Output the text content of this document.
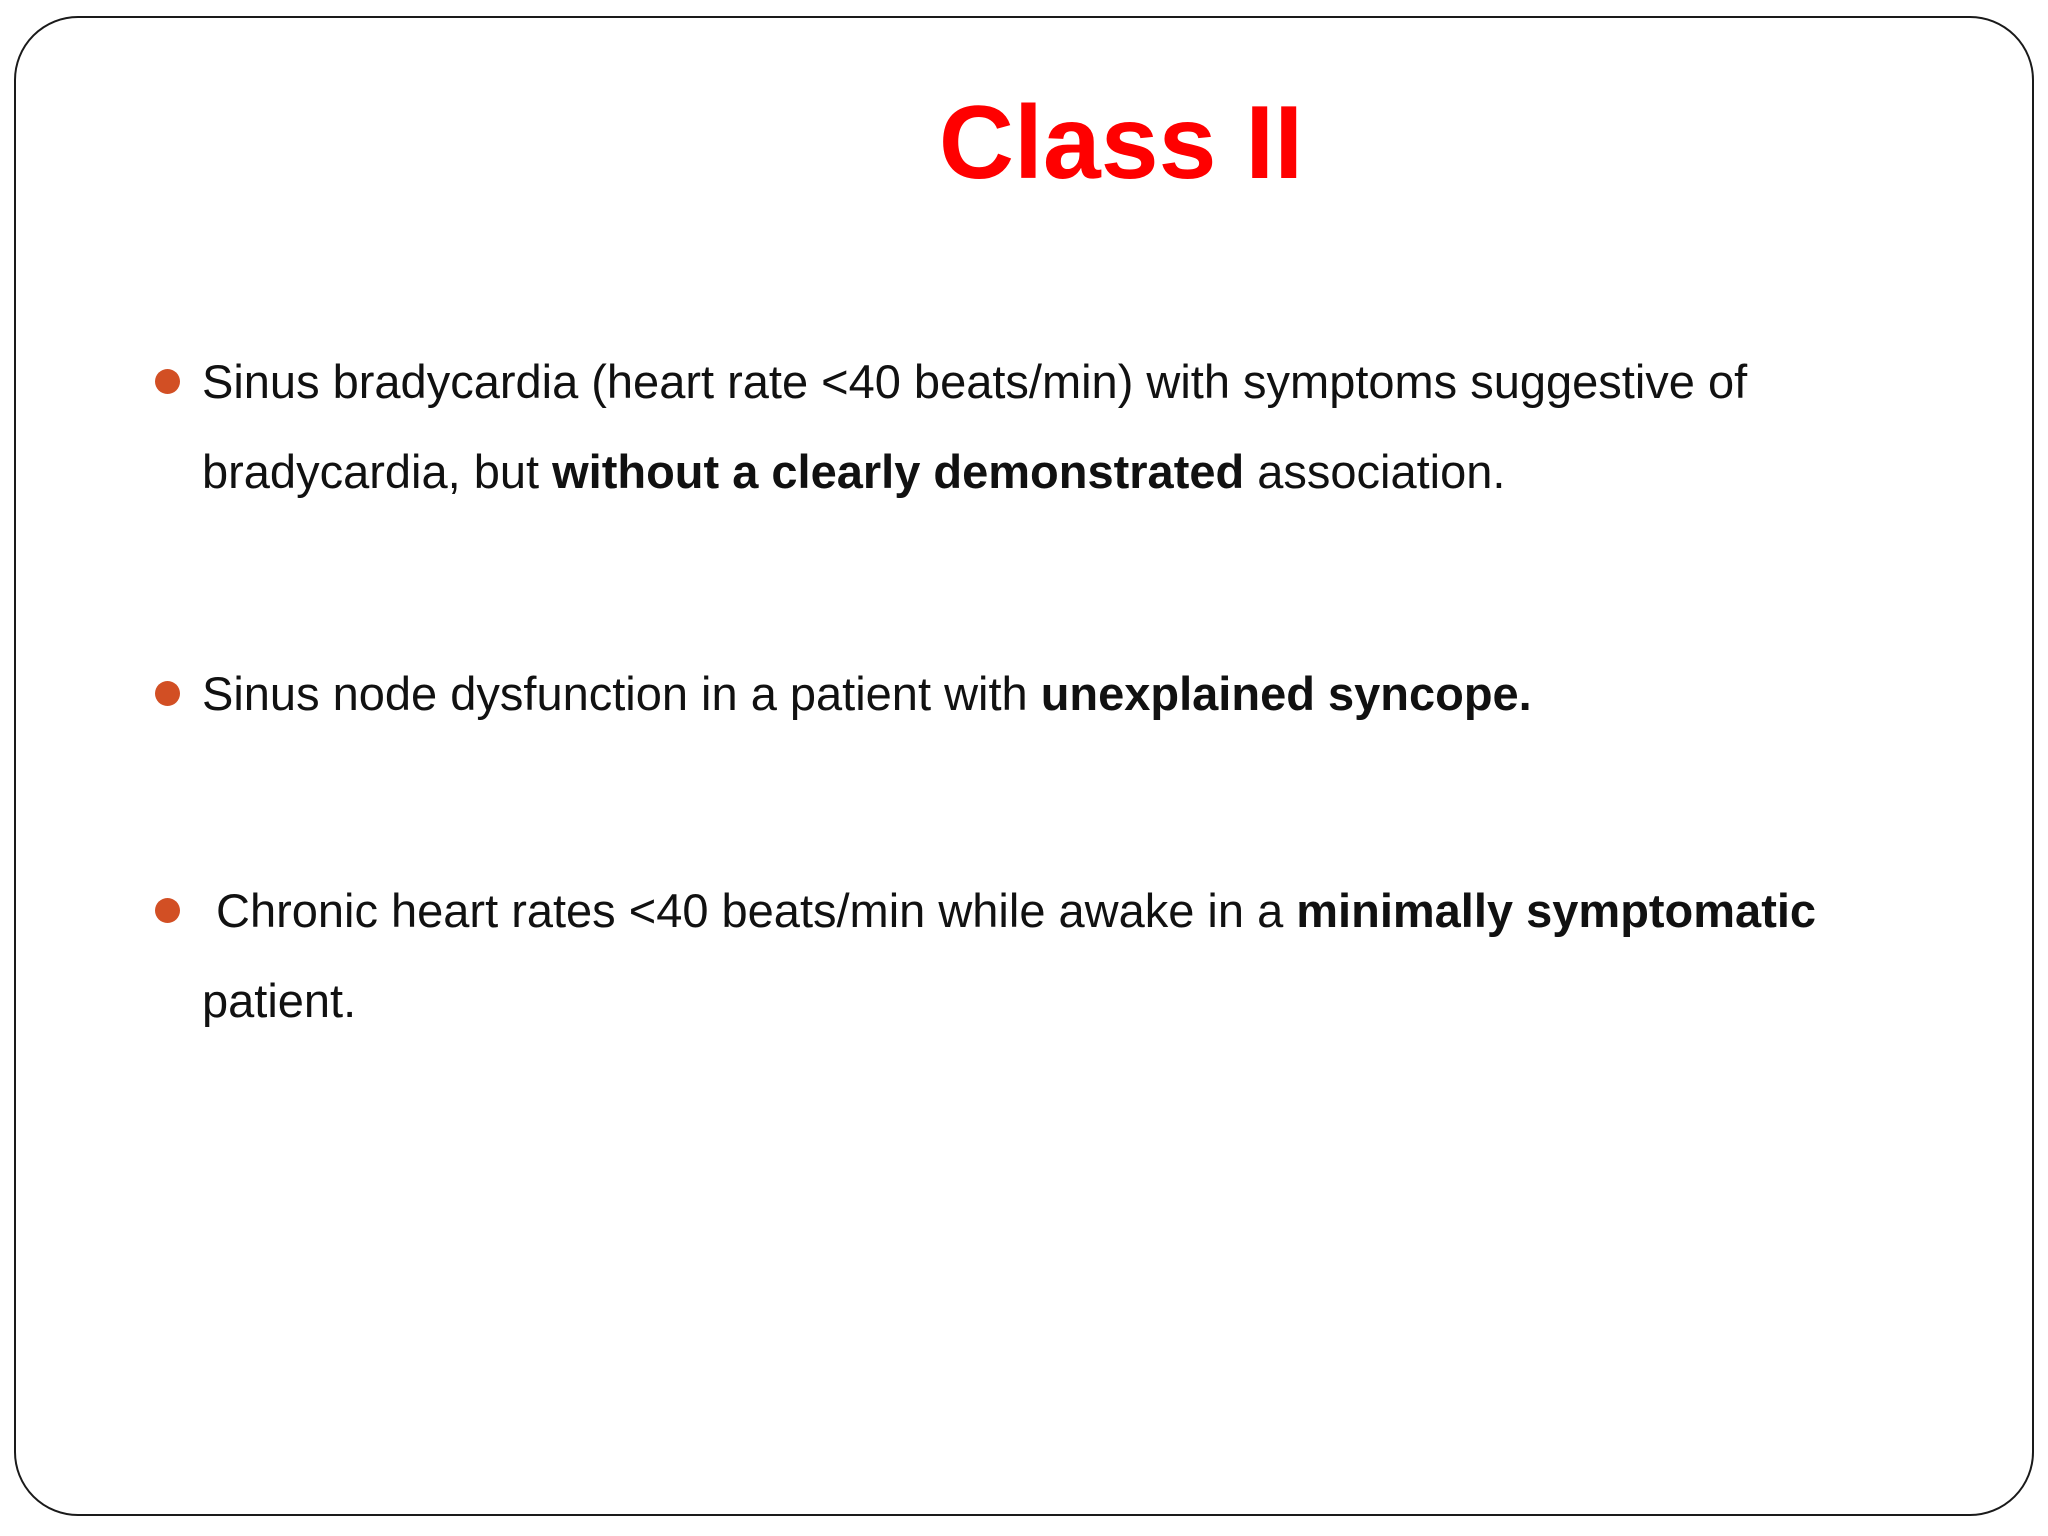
Class II
Sinus bradycardia (heart rate <40 beats/min) with symptoms suggestive of bradycardia, but without a clearly demonstrated association.
Sinus node dysfunction in a patient with unexplained syncope.
Chronic heart rates <40 beats/min while awake in a minimally symptomatic patient.
